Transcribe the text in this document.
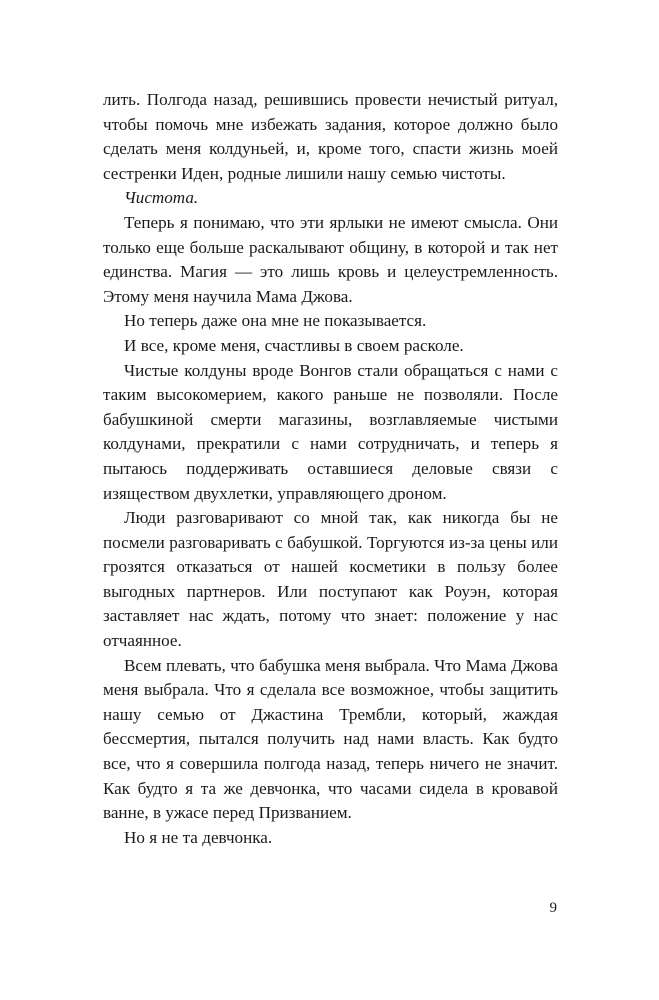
лить. Полгода назад, решившись провести нечистый ритуал, чтобы помочь мне избежать задания, которое должно было сделать меня колдуньей, и, кроме того, спасти жизнь моей сестренки Иден, родные лишили нашу семью чистоты.

Чистота.

Теперь я понимаю, что эти ярлыки не имеют смысла. Они только еще больше раскалывают общину, в которой и так нет единства. Магия — это лишь кровь и целеустремленность. Этому меня научила Мама Джова.

Но теперь даже она мне не показывается.

И все, кроме меня, счастливы в своем расколе.

Чистые колдуны вроде Вонгов стали обращаться с нами с таким высокомерием, какого раньше не позволяли. После бабушкиной смерти магазины, возглавляемые чистыми колдунами, прекратили с нами сотрудничать, и теперь я пытаюсь поддерживать оставшиеся деловые связи с изяществом двухлетки, управляющего дроном.

Люди разговаривают со мной так, как никогда бы не посмели разговаривать с бабушкой. Торгуются из-за цены или грозятся отказаться от нашей косметики в пользу более выгодных партнеров. Или поступают как Роуэн, которая заставляет нас ждать, потому что знает: положение у нас отчаянное.

Всем плевать, что бабушка меня выбрала. Что Мама Джова меня выбрала. Что я сделала все возможное, чтобы защитить нашу семью от Джастина Трембли, который, жаждая бессмертия, пытался получить над нами власть. Как будто все, что я совершила полгода назад, теперь ничего не значит. Как будто я та же девчонка, что часами сидела в кровавой ванне, в ужасе перед Призванием.

Но я не та девчонка.

9
